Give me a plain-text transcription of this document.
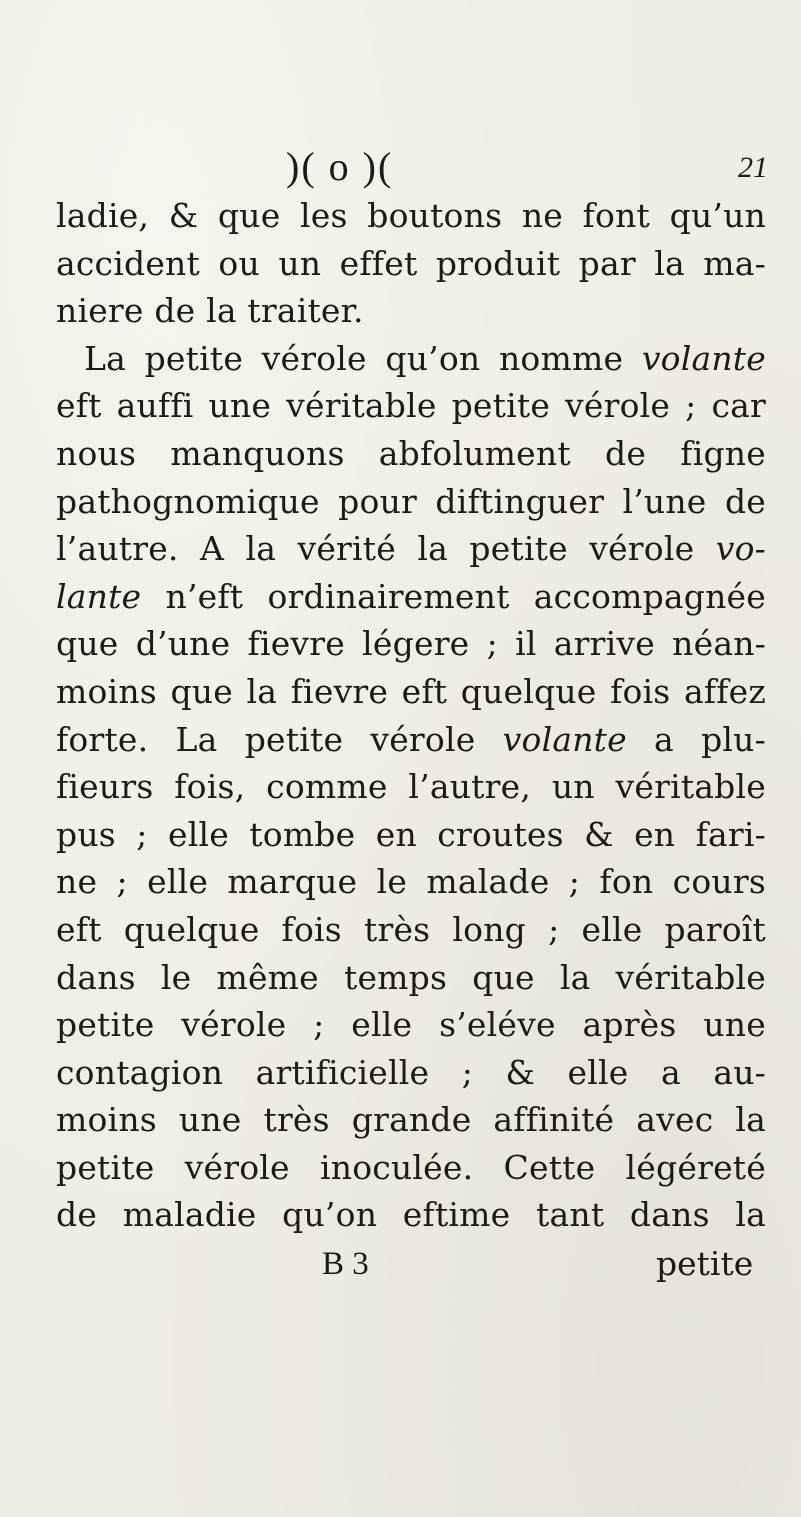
)( o )(	21
ladie, & que les boutons ne font qu’un
accident ou un effet produit par la ma-
niere de la traiter.
La petite vérole qu’on nomme volante
eft auffi une véritable petite vérole ; car
nous manquons abfolument de figne
pathognomique pour diftinguer l’une de
l’autre. A la vérité la petite vérole vo-
lante n’eft ordinairement accompagnée
que d’une fievre légere ; il arrive néan-
moins que la fievre eft quelque fois affez
forte. La petite vérole volante a plu-
fieurs fois, comme l’autre, un véritable
pus ; elle tombe en croutes & en fari-
ne ; elle marque le malade ; fon cours
eft quelque fois très long ; elle paroît
dans le même temps que la véritable
petite vérole ; elle s’eléve après une
contagion artificielle ; & elle a au-
moins une très grande affinité avec la
petite vérole inoculée. Cette légéreté
de maladie qu’on eftime tant dans la
B 3	petite
